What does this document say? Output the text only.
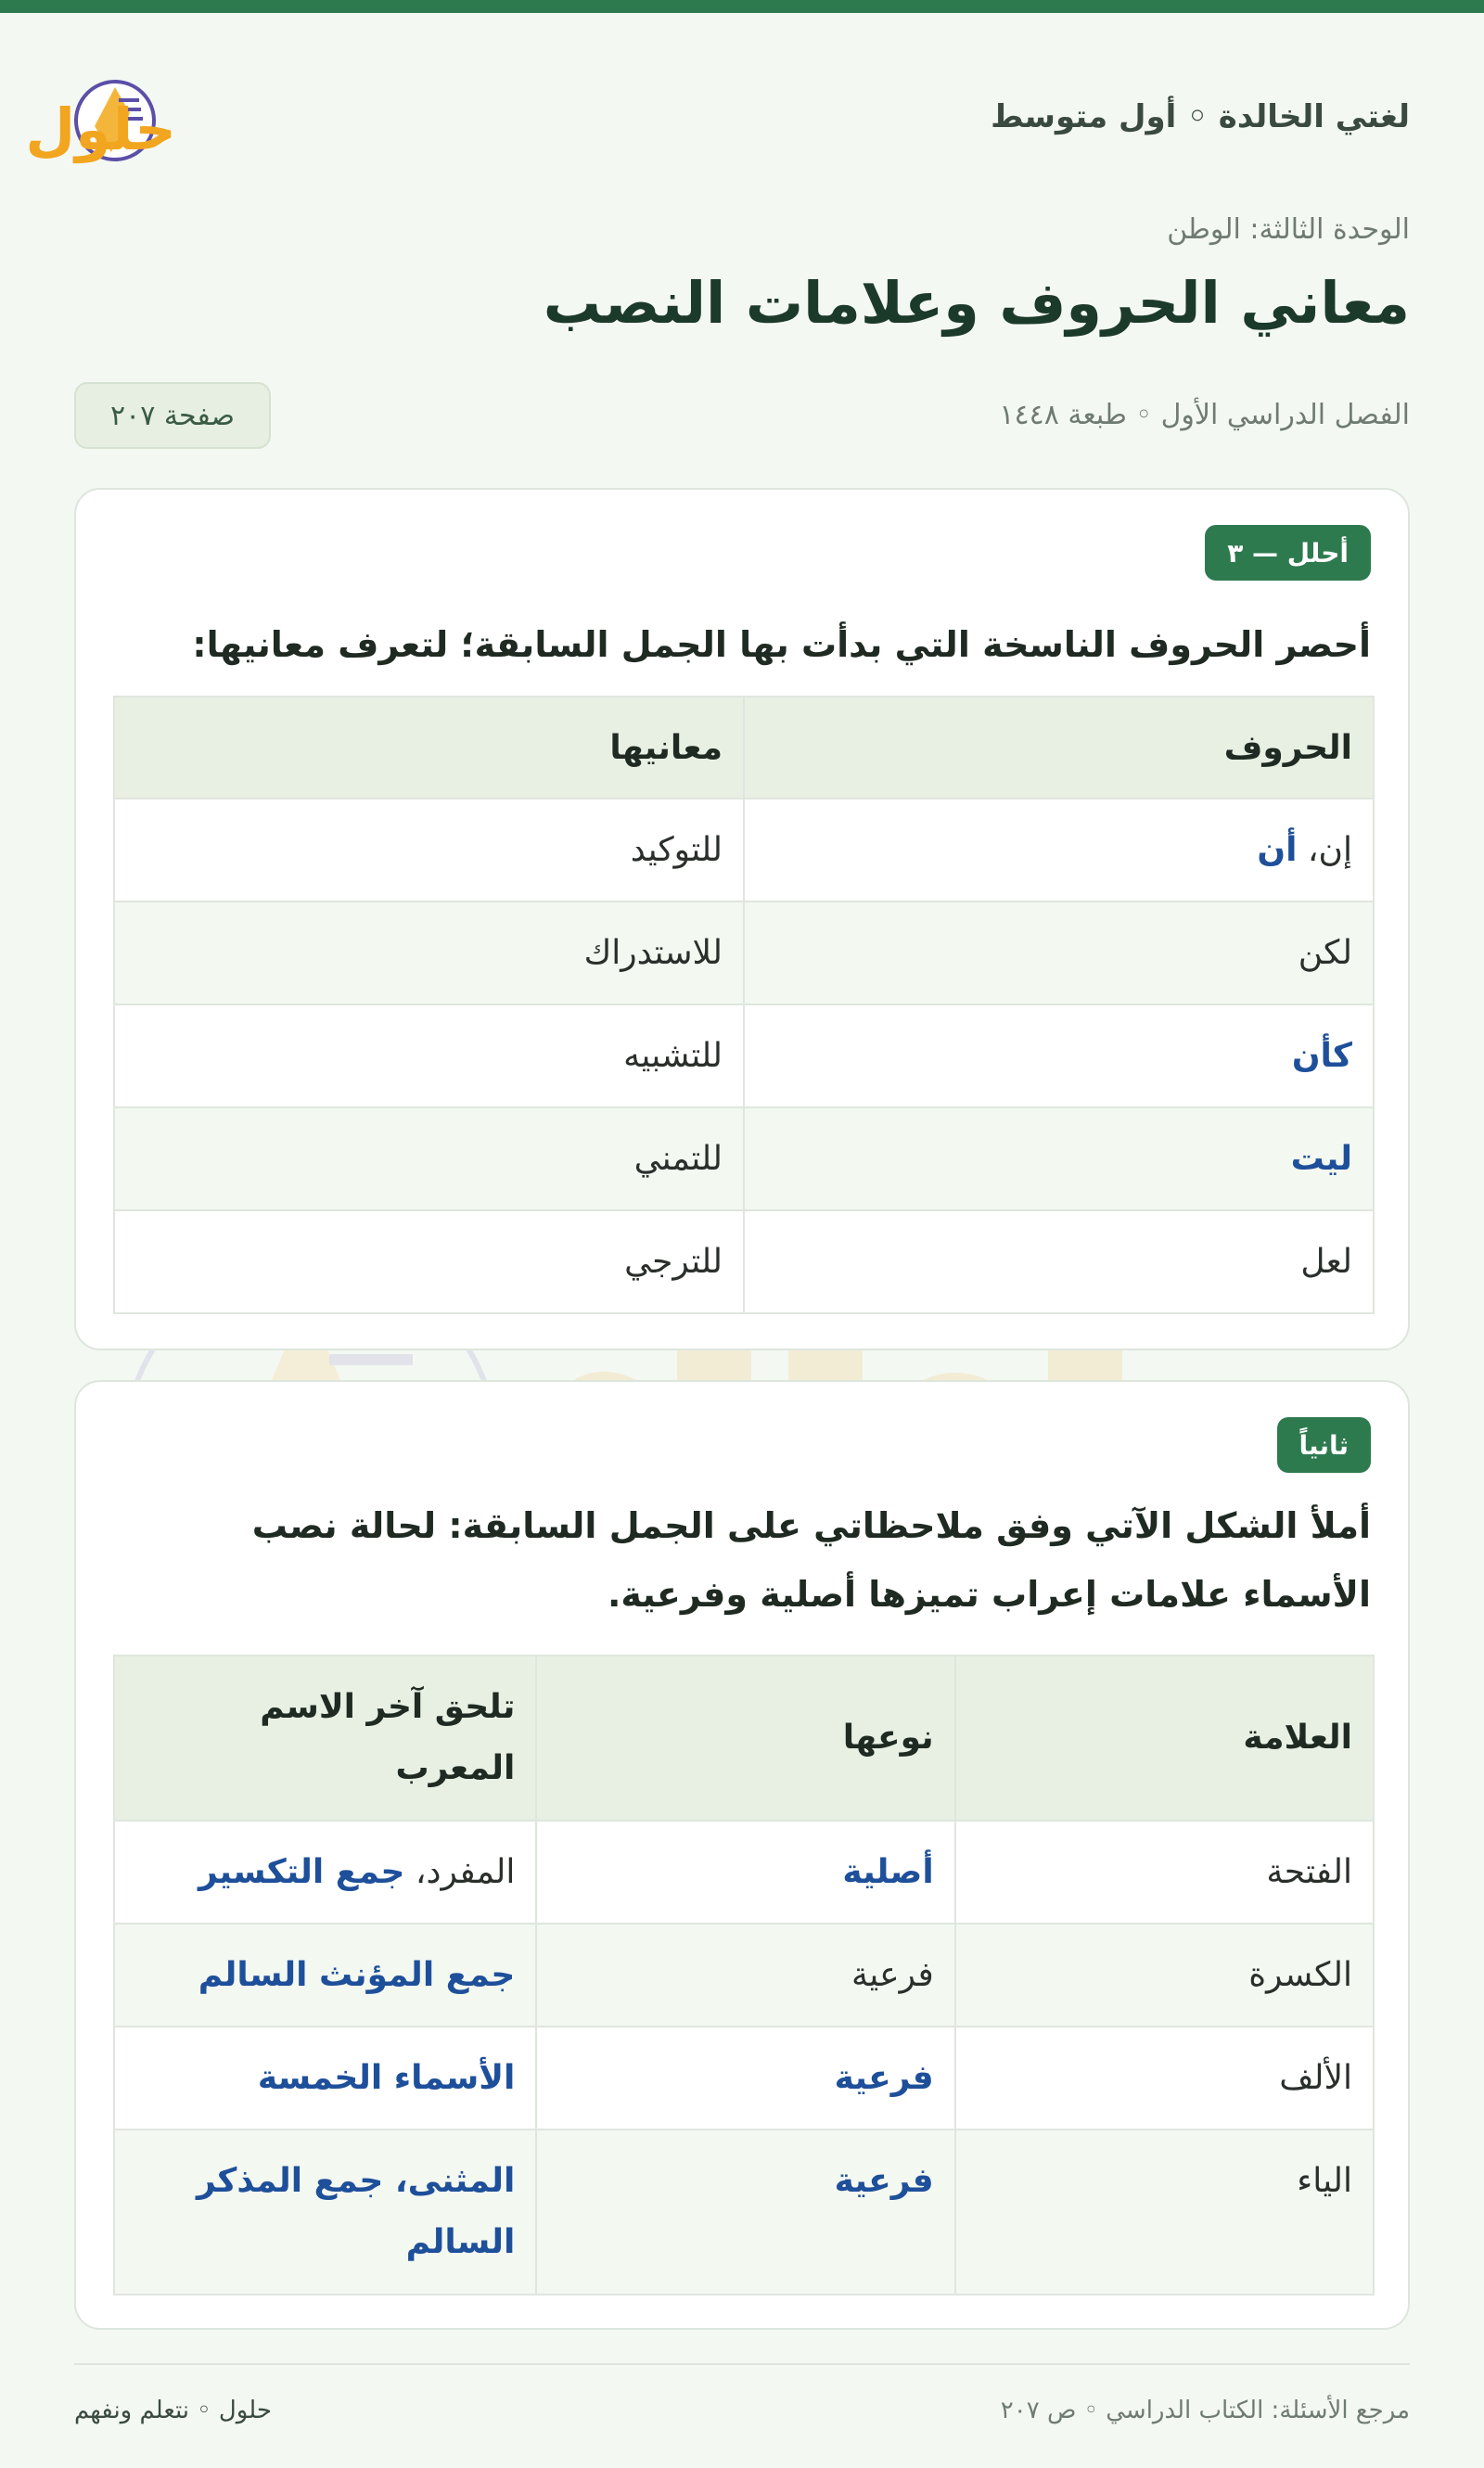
حلول	لغتي الخالدة ◦ أول متوسط
الوحدة الثالثة: الوطن
معاني الحروف وعلامات النصب
الفصل الدراسي الأول ◦ طبعة ١٤٤٨
صفحة ٢٠٧
أحلل — ٣
أحصر الحروف الناسخة التي بدأت بها الجمل السابقة؛ لتعرف معانيها:
الحروف	معانيها
إن، أن	للتوكيد
لكن	للاستدراك
كأن	للتشبيه
ليت	للتمني
لعل	للترجي
ثانياً
أملأ الشكل الآتي وفق ملاحظاتي على الجمل السابقة: لحالة نصب
الأسماء علامات إعراب تميزها أصلية وفرعية.
العلامة	نوعها	تلحق آخر الاسم المعرب
الفتحة	أصلية	المفرد، جمع التكسير
الكسرة	فرعية	جمع المؤنث السالم
الألف	فرعية	الأسماء الخمسة
الياء	فرعية	المثنى، جمع المذكر السالم
مرجع الأسئلة: الكتاب الدراسي ◦ ص ٢٠٧
حلول ◦ نتعلم ونفهم
